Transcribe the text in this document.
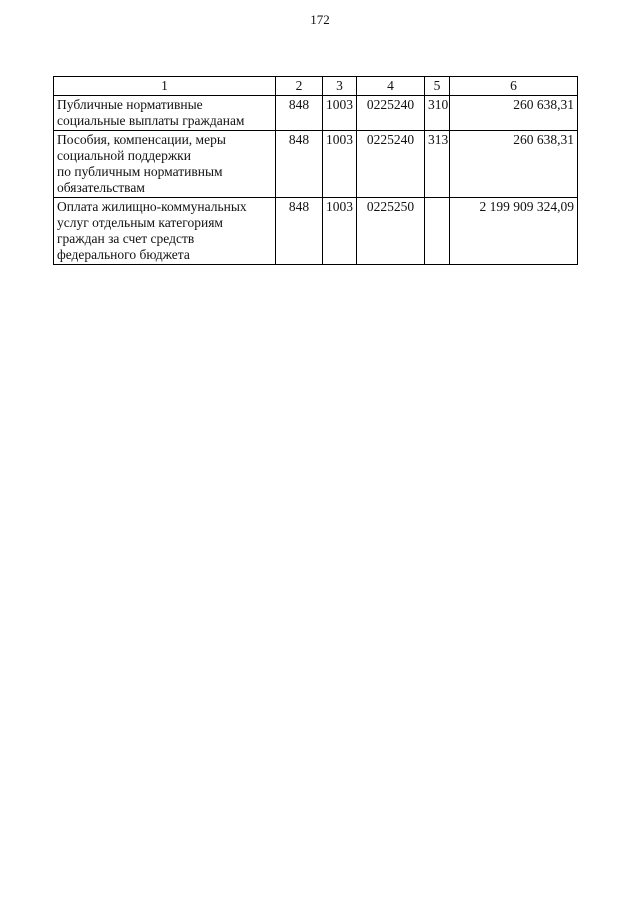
172
1	2	3	4	5	6
Публичные нормативные
социальные выплаты гражданам	848	1003	0225240	310	260 638,31
Пособия, компенсации, меры
социальной поддержки
по публичным нормативным
обязательствам	848	1003	0225240	313	260 638,31
Оплата жилищно-коммунальных
услуг отдельным категориям
граждан за счет средств
федерального бюджета	848	1003	0225250		2 199 909 324,09
